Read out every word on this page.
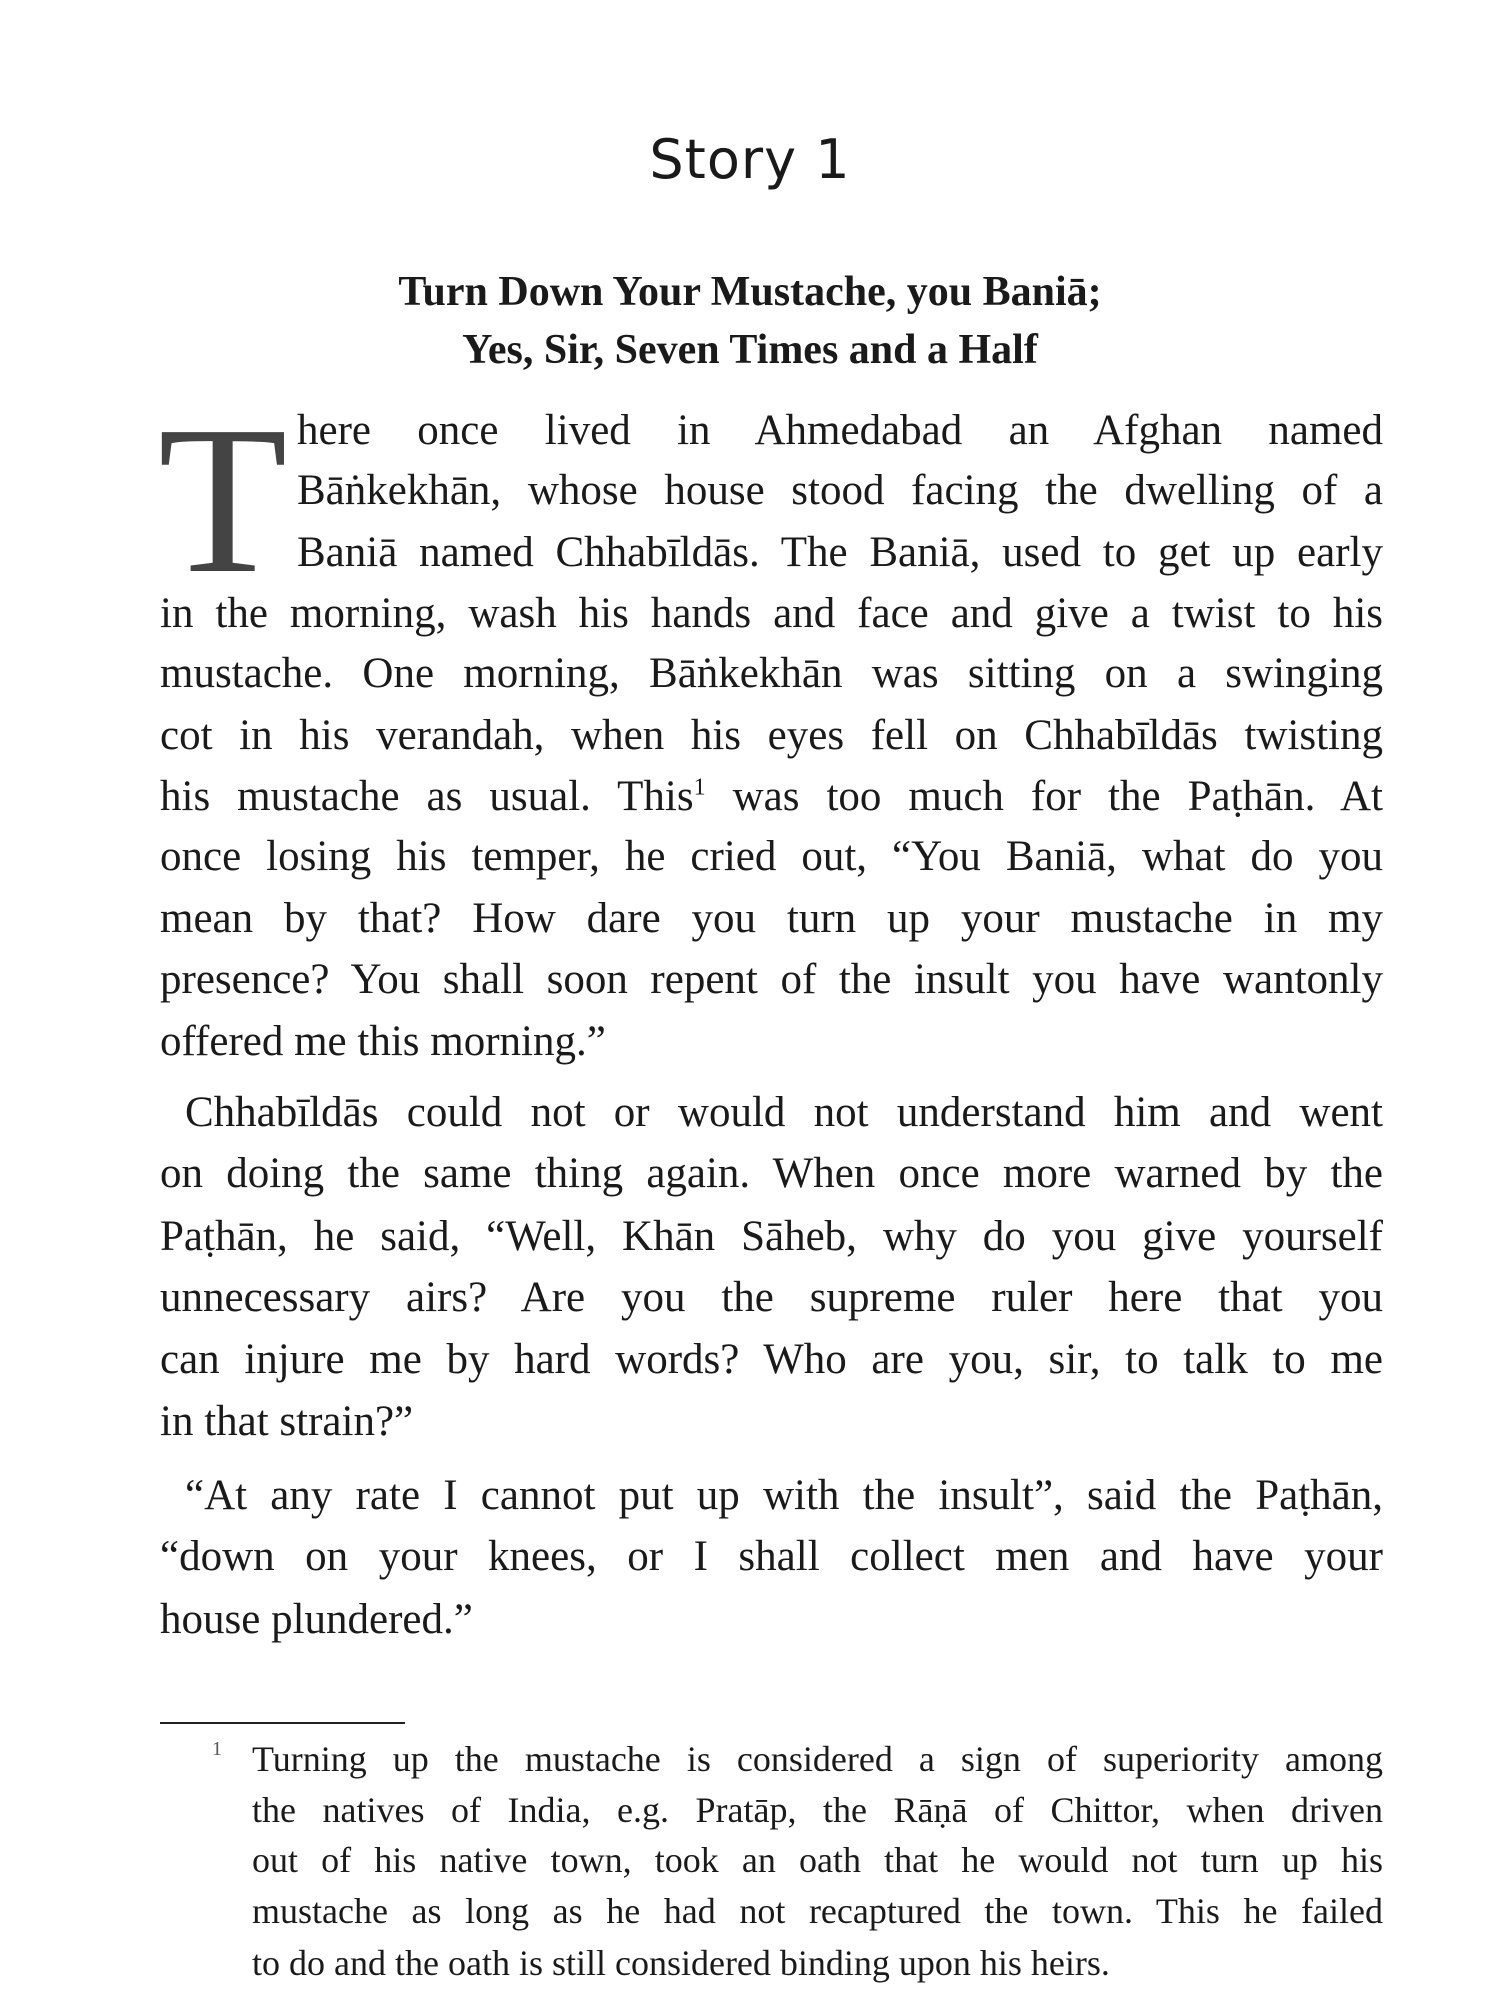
Story 1
Turn Down Your Mustache, you Baniā;
Yes, Sir, Seven Times and a Half
T here once lived in Ahmedabad an Afghan named
Bāṅkekhān, whose house stood facing the dwelling of a
Baniā named Chhabīldās. The Baniā, used to get up early
in the morning, wash his hands and face and give a twist to his
mustache. One morning, Bāṅkekhān was sitting on a swinging
cot in his verandah, when his eyes fell on Chhabīldās twisting
his mustache as usual. This$^1$ was too much for the Paṭhān. At
once losing his temper, he cried out, “You Baniā, what do you
mean by that? How dare you turn up your mustache in my
presence? You shall soon repent of the insult you have wantonly
offered me this morning.”
Chhabīldās could not or would not understand him and went
on doing the same thing again. When once more warned by the
Paṭhān, he said, “Well, Khān Sāheb, why do you give yourself
unnecessary airs? Are you the supreme ruler here that you
can injure me by hard words? Who are you, sir, to talk to me
in that strain?”
“At any rate I cannot put up with the insult”, said the Paṭhān,
“down on your knees, or I shall collect men and have your
house plundered.”
1 Turning up the mustache is considered a sign of superiority among
the natives of India, e.g. Pratāp, the Rāṇā of Chittor, when driven
out of his native town, took an oath that he would not turn up his
mustache as long as he had not recaptured the town. This he failed
to do and the oath is still considered binding upon his heirs.
